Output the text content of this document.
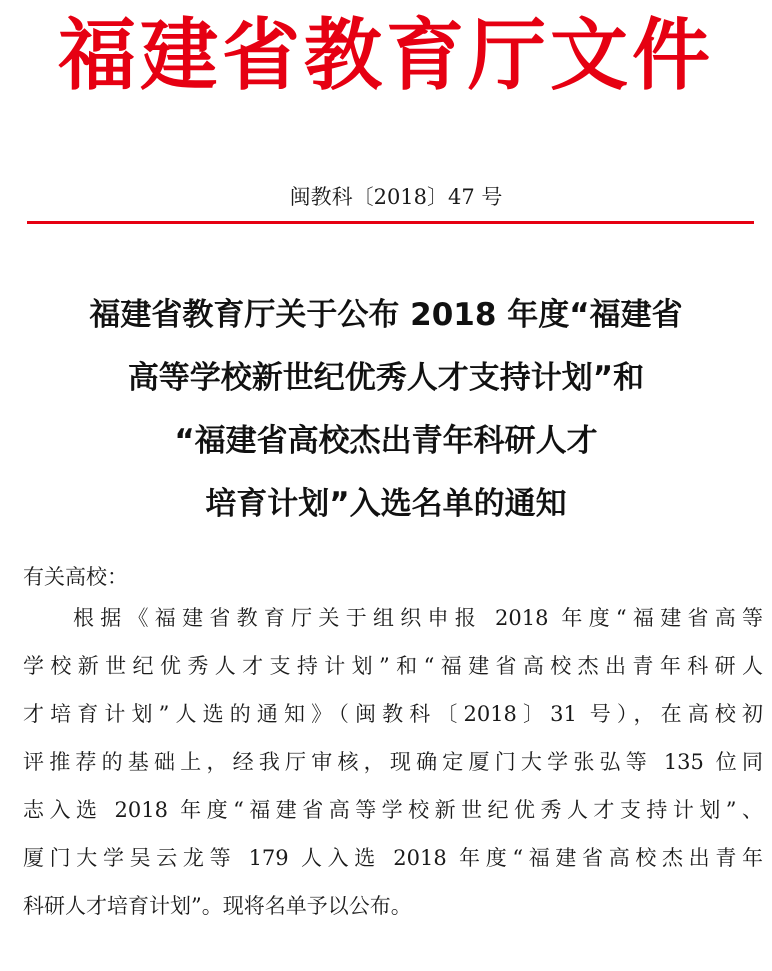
福建省教育厅文件
闽教科〔2018〕47 号
福建省教育厅关于公布 2018 年度“福建省
高等学校新世纪优秀人才支持计划”和
“福建省高校杰出青年科研人才
培育计划”入选名单的通知

有关高校：

根据《福建省教育厅关于组织申报 2018 年度“福建省高等

学校新世纪优秀人才支持计划”和“福建省高校杰出青年科研人

才培育计划”人选的通知》（闽教科〔2018〕31 号），在高校初

评推荐的基础上，经我厅审核，现确定厦门大学张弘等 135 位同

志入选 2018 年度“福建省高等学校新世纪优秀人才支持计划”、

厦门大学吴云龙等 179 人入选 2018 年度“福建省高校杰出青年

科研人才培育计划”。现将名单予以公布。
